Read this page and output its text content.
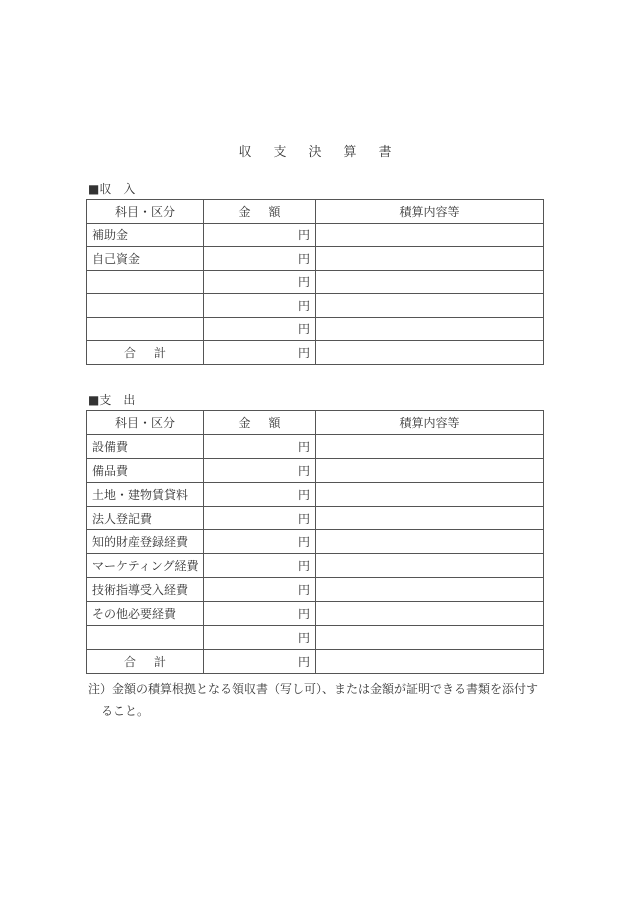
収 支 決 算 書
■収 入
科目・区分	金 額	積算内容等
補助金	円	
自己資金	円	
	円	
	円	
	円	
合 計	円	
■支 出
科目・区分	金 額	積算内容等
設備費	円	
備品費	円	
土地・建物賃貸料	円	
法人登記費	円	
知的財産登録経費	円	
マーケティング経費	円	
技術指導受入経費	円	
その他必要経費	円	
	円	
合 計	円	
注）金額の積算根拠となる領収書（写し可）、または金額が証明できる書類を添付す
ること。
